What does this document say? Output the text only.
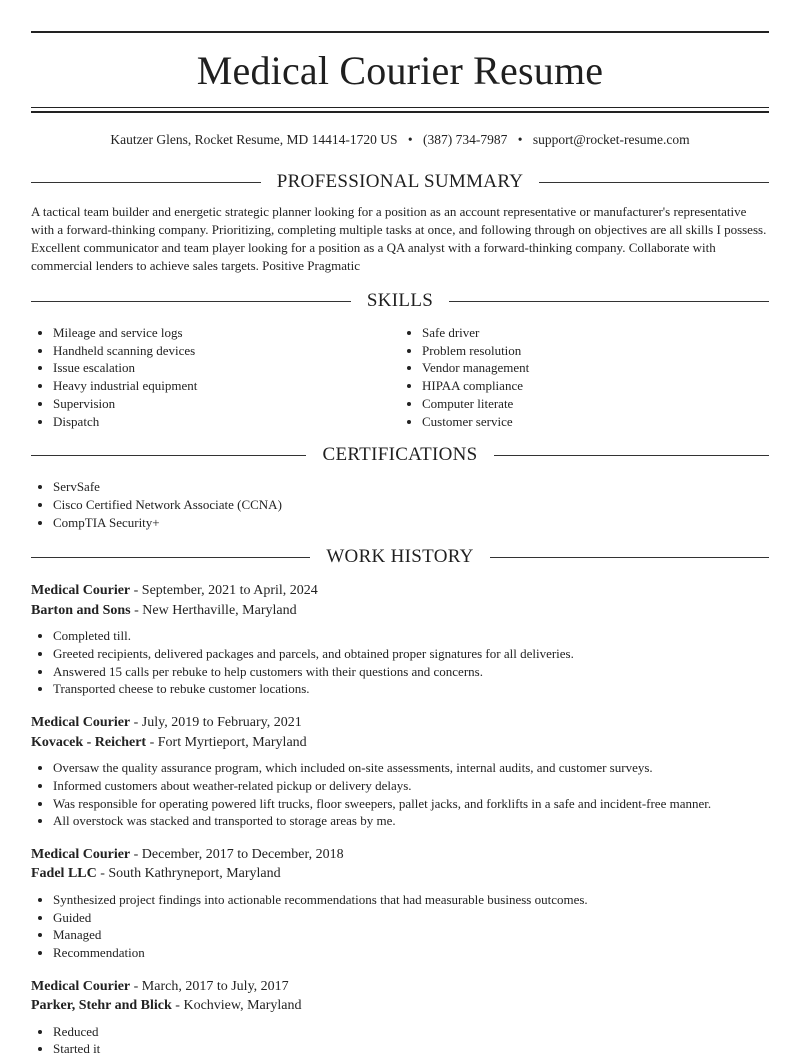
Medical Courier Resume
Kautzer Glens, Rocket Resume, MD 14414-1720 US • (387) 734-7987 • support@rocket-resume.com
PROFESSIONAL SUMMARY

A tactical team builder and energetic strategic planner looking for a position as an account representative or manufacturer's representative with a forward-thinking company. Prioritizing, completing multiple tasks at once, and following through on objectives are all skills I possess. Excellent communicator and team player looking for a position as a QA analyst with a forward-thinking company. Collaborate with commercial lenders to achieve sales targets. Positive Pragmatic

SKILLS
• Mileage and service logs
• Handheld scanning devices
• Issue escalation
• Heavy industrial equipment
• Supervision
• Dispatch
• Safe driver
• Problem resolution
• Vendor management
• HIPAA compliance
• Computer literate
• Customer service
CERTIFICATIONS
• ServSafe
• Cisco Certified Network Associate (CCNA)
• CompTIA Security+
WORK HISTORY
Medical Courier - September, 2021 to April, 2024
Barton and Sons - New Herthaville, Maryland
• Completed till.
• Greeted recipients, delivered packages and parcels, and obtained proper signatures for all deliveries.
• Answered 15 calls per rebuke to help customers with their questions and concerns.
• Transported cheese to rebuke customer locations.
Medical Courier - July, 2019 to February, 2021
Kovacek - Reichert - Fort Myrtieport, Maryland
• Oversaw the quality assurance program, which included on-site assessments, internal audits, and customer surveys.
• Informed customers about weather-related pickup or delivery delays.
• Was responsible for operating powered lift trucks, floor sweepers, pallet jacks, and forklifts in a safe and incident-free manner.
• All overstock was stacked and transported to storage areas by me.
Medical Courier - December, 2017 to December, 2018
Fadel LLC - South Kathryneport, Maryland
• Synthesized project findings into actionable recommendations that had measurable business outcomes.
• Guided
• Managed
• Recommendation
Medical Courier - March, 2017 to July, 2017
Parker, Stehr and Blick - Kochview, Maryland
• Reduced
• Started it
